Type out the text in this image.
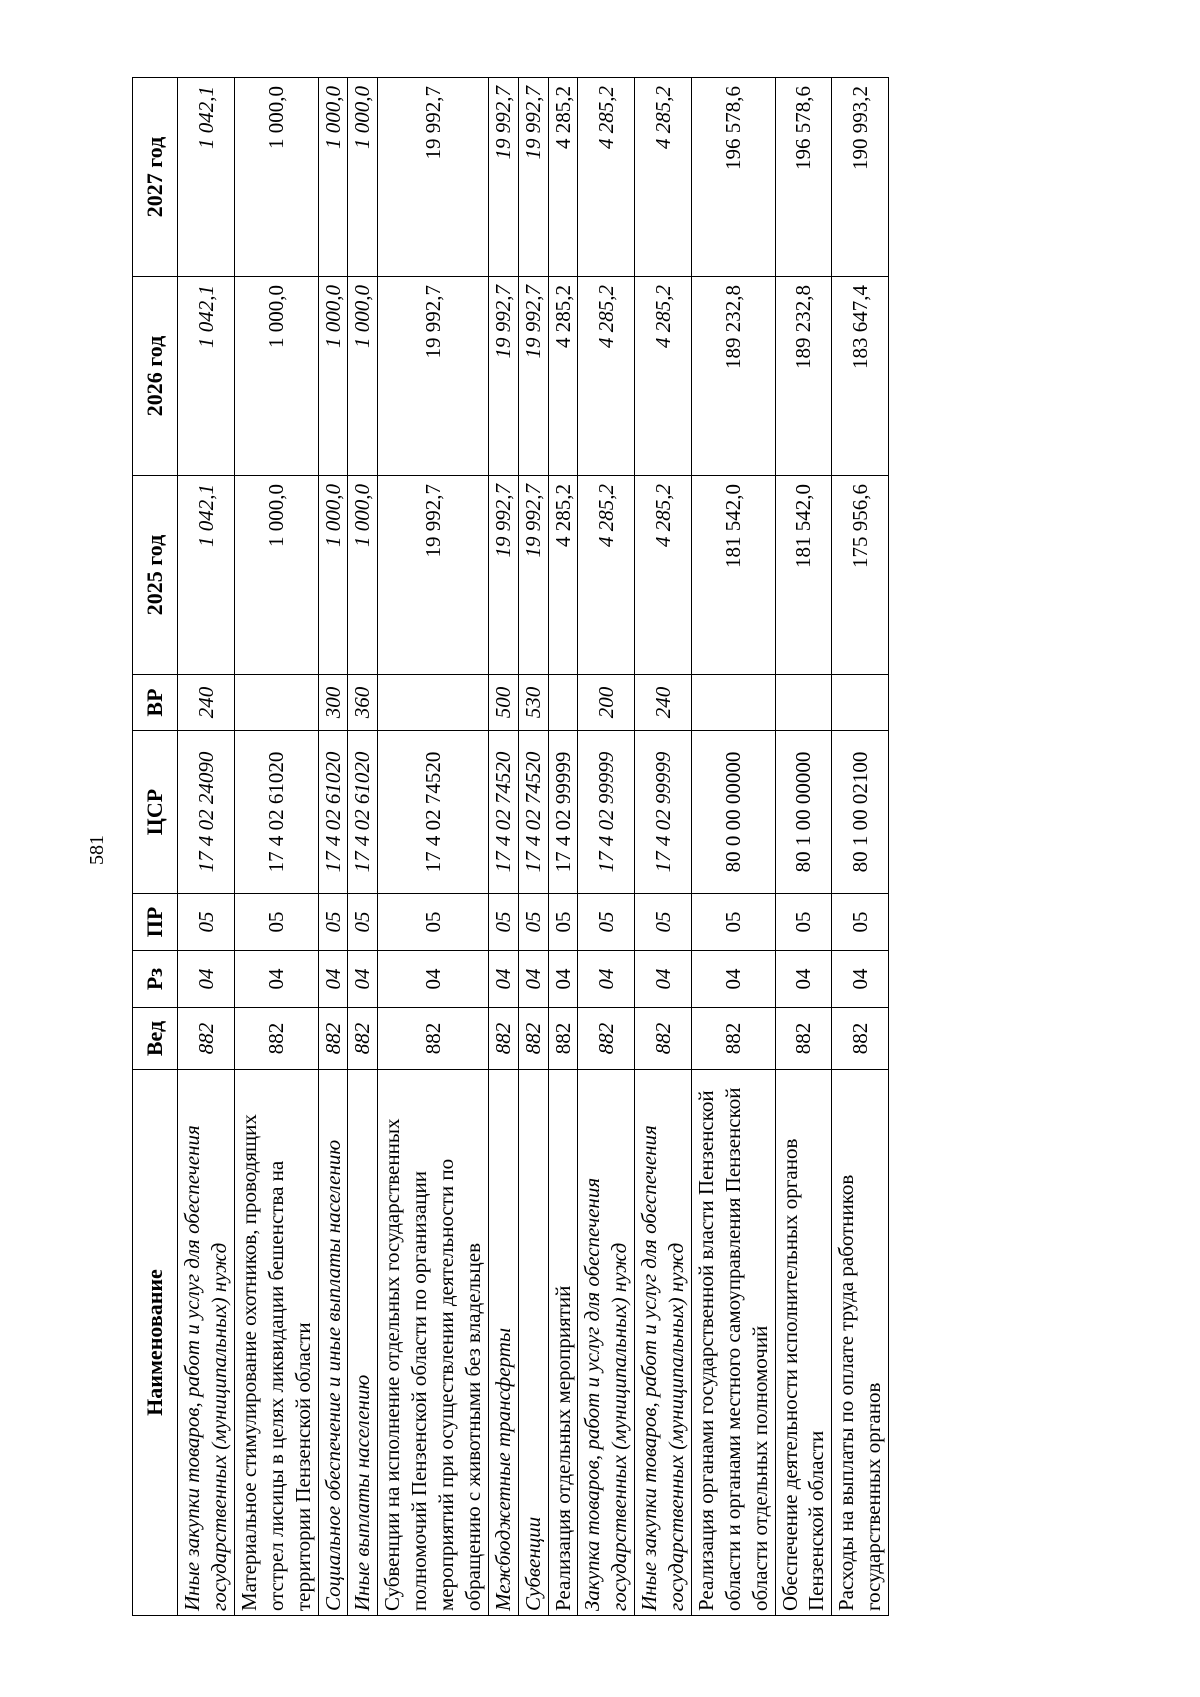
581
Наименование	Вед	Рз	ПР	ЦСР	ВР	2025 год	2026 год	2027 год
Иные закупки товаров, работ и услуг для обеспечения государственных (муниципальных) нужд	882	04	05	17 4 02 24090	240	1 042,1	1 042,1	1 042,1
Материальное стимулирование охотников, проводящих отстрел лисицы в целях ликвидации бешенства на территории Пензенской области	882	04	05	17 4 02 61020		1 000,0	1 000,0	1 000,0
Социальное обеспечение и иные выплаты населению	882	04	05	17 4 02 61020	300	1 000,0	1 000,0	1 000,0
Иные выплаты населению	882	04	05	17 4 02 61020	360	1 000,0	1 000,0	1 000,0
Субвенции на исполнение отдельных государственных полномочий Пензенской области по организации мероприятий при осуществлении деятельности по обращению с животными без владельцев	882	04	05	17 4 02 74520		19 992,7	19 992,7	19 992,7
Межбюджетные трансферты	882	04	05	17 4 02 74520	500	19 992,7	19 992,7	19 992,7
Субвенции	882	04	05	17 4 02 74520	530	19 992,7	19 992,7	19 992,7
Реализация отдельных мероприятий	882	04	05	17 4 02 99999		4 285,2	4 285,2	4 285,2
Закупка товаров, работ и услуг для обеспечения государственных (муниципальных) нужд	882	04	05	17 4 02 99999	200	4 285,2	4 285,2	4 285,2
Иные закупки товаров, работ и услуг для обеспечения государственных (муниципальных) нужд	882	04	05	17 4 02 99999	240	4 285,2	4 285,2	4 285,2
Реализация органами государственной власти Пензенской области и органами местного самоуправления Пензенской области отдельных полномочий	882	04	05	80 0 00 00000		181 542,0	189 232,8	196 578,6
Обеспечение деятельности исполнительных органов Пензенской области	882	04	05	80 1 00 00000		181 542,0	189 232,8	196 578,6
Расходы на выплаты по оплате труда работников государственных органов	882	04	05	80 1 00 02100		175 956,6	183 647,4	190 993,2
